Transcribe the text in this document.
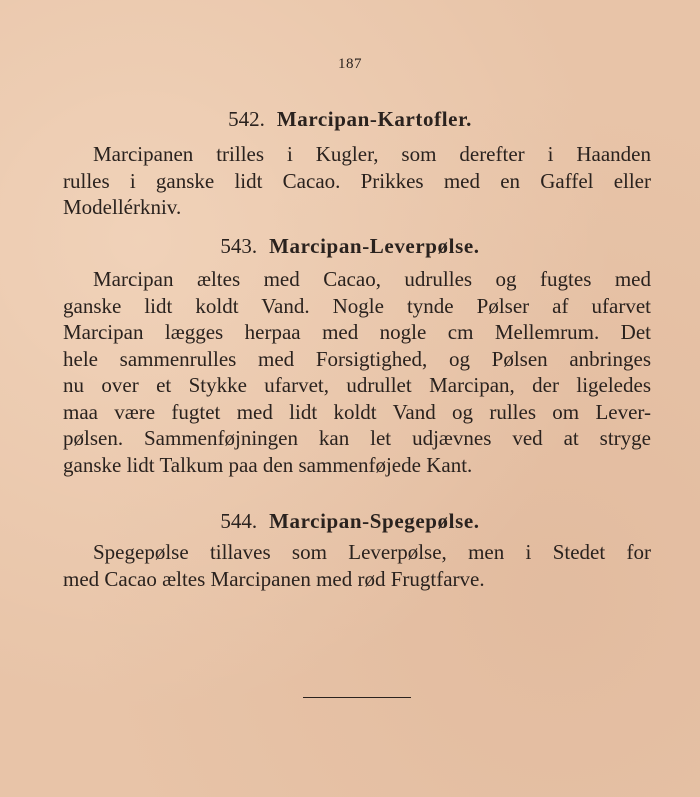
187
542. Marcipan-Kartofler.
Marcipanen trilles i Kugler, som derefter i Haanden
rulles i ganske lidt Cacao. Prikkes med en Gaffel eller
Modellérkniv.
543. Marcipan-Leverpølse.
Marcipan æltes med Cacao, udrulles og fugtes med
ganske lidt koldt Vand. Nogle tynde Pølser af ufarvet
Marcipan lægges herpaa med nogle cm Mellemrum. Det
hele sammenrulles med Forsigtighed, og Pølsen anbringes
nu over et Stykke ufarvet, udrullet Marcipan, der ligeledes
maa være fugtet med lidt koldt Vand og rulles om Lever-
pølsen. Sammenføjningen kan let udjævnes ved at stryge
ganske lidt Talkum paa den sammenføjede Kant.
544. Marcipan-Spegepølse.
Spegepølse tillaves som Leverpølse, men i Stedet for
med Cacao æltes Marcipanen med rød Frugtfarve.
